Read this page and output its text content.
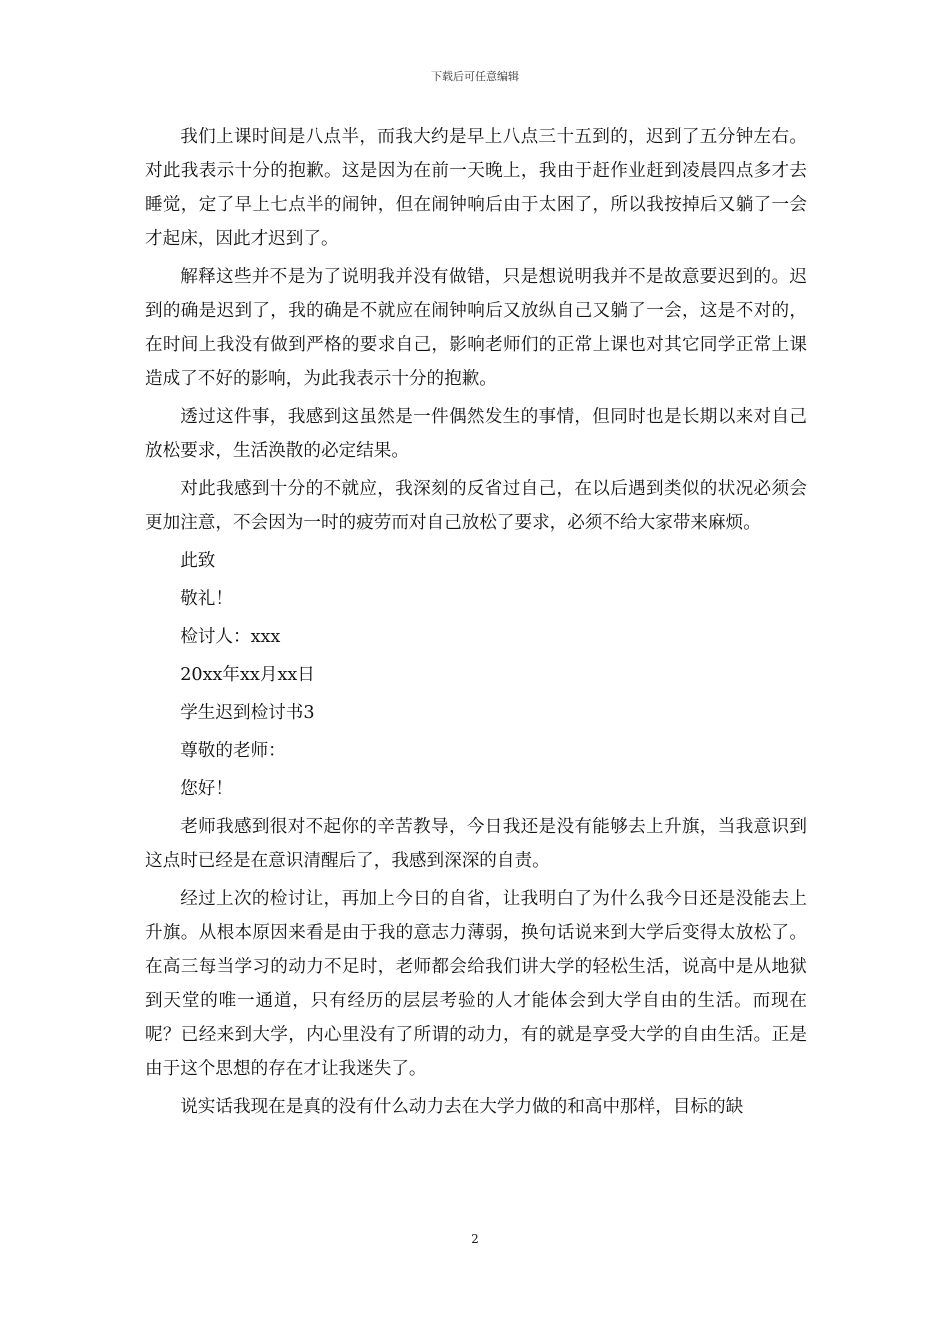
下载后可任意编辑

我们上课时间是八点半，而我大约是早上八点三十五到的，迟到了五分钟左右。对此我表示十分的抱歉。这是因为在前一天晚上，我由于赶作业赶到凌晨四点多才去睡觉，定了早上七点半的闹钟，但在闹钟响后由于太困了，所以我按掉后又躺了一会才起床，因此才迟到了。

解释这些并不是为了说明我并没有做错，只是想说明我并不是故意要迟到的。迟到的确是迟到了，我的确是不就应在闹钟响后又放纵自己又躺了一会，这是不对的，在时间上我没有做到严格的要求自己，影响老师们的正常上课也对其它同学正常上课造成了不好的影响，为此我表示十分的抱歉。

透过这件事，我感到这虽然是一件偶然发生的事情，但同时也是长期以来对自己放松要求，生活涣散的必定结果。

对此我感到十分的不就应，我深刻的反省过自己，在以后遇到类似的状况必须会更加注意，不会因为一时的疲劳而对自己放松了要求，必须不给大家带来麻烦。

此致

敬礼！

检讨人：xxx

20xx年xx月xx日

学生迟到检讨书3

尊敬的老师：

您好！

老师我感到很对不起你的辛苦教导，今日我还是没有能够去上升旗，当我意识到这点时已经是在意识清醒后了，我感到深深的自责。

经过上次的检讨让，再加上今日的自省，让我明白了为什么我今日还是没能去上升旗。从根本原因来看是由于我的意志力薄弱，换句话说来到大学后变得太放松了。在高三每当学习的动力不足时，老师都会给我们讲大学的轻松生活，说高中是从地狱到天堂的唯一通道，只有经历的层层考验的人才能体会到大学自由的生活。而现在呢？已经来到大学，内心里没有了所谓的动力，有的就是享受大学的自由生活。正是由于这个思想的存在才让我迷失了。

说实话我现在是真的没有什么动力去在大学力做的和高中那样，目标的缺

2
